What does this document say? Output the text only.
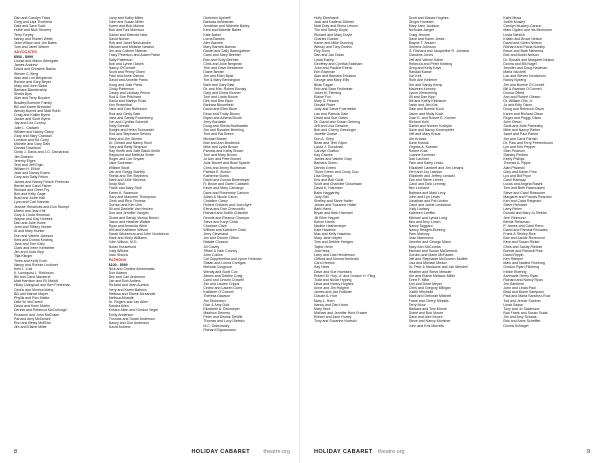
Dan and Carolyn Thies
Greg and Lisa Thorbeck
Dale and Sara Todd
Hollie and Nick Tennery
Terry Torpey
Nancy and Robert White
Jean Wilson and Jim Bates
Tom and Janet Wisner
ADVOCATES
$500 - $999
Louise and Marco Albergate
James Andrew
David and Christine Banks
Steven C. Berg
Alan and Lori Bergstrom
Bonnie and Gary Beyer
Mary and John Birkel
Barbara Blankenship
Sheila Byrs
Alan and Terry Boyden
Bradley/Sommer Family
Bill and Karen Brewster
Wendy Burrell and Matt Robb
Craig and Kaitlin Byrne
Janice and Scott Byrne
Jay and Lee Conroy
Julie L. Cadwell
William and Nancy Carey
Gary and Mary Crandall
Lorraine and Ed Curry
Michele and Gary Dahl
Donald Davidson
Cindy J. Davis and J.D. Dardarlock
Jim Dickson
Jeremy Elges
Terri and Jeff Elgin
William H. Elliott
Jack and Nancy Evans
Gary and Sally Felton
James and Nancy Fetsch Freeman
Bernie and Carol Fisher
Richard and Greer Fry
Bob and Kelly Gage
Brad and Jodie Hall
Lynn and Carl Hanmer
Jeanne Hendricks and Don Stumpf
Martin and Jean Hill
Gary & Linda Hinsman
Wayne and Gay Hobbes
Dan and Julie Howe
John and Tiffany Hunter
Al and Mary Hunter
Don and Valerie Jackson
Kent and Donna Keating
Jane and Tom Kelly
Clark and Irene Kerstetter
Jim and Linda Kipp
Tilja Klinger
Thies and Kelly Koch
Nancy and Ronnie Lockhart
Kelli L. Lutz
K. Lundquist L. Robinson
Bill and Carol Mackerel
Matt Harrison and Eli Malott
Hilary Livingood and Ben Freshman
Cedric and Monica Mahy
Bill and Marcel Mayer
Phyllis and Ron Mattie
Dale W. McCarrell
David and Kemi Martin
Dennis and Rebecca McCullough
Roxanne and John McCrane
Pat and Amy McDowell
Ron and Betsy McElliot
Jim and Elaine Miller
Larry and Kathy Miller
John and Susan Miller
Karen and Bob Molnar
Bob and Toni Morrison
Daniel and Melinda Neal
David Norton
Rob and Janet Neuhausen
Michael and Melanie Newton
Jim and Colleen Nieman
Tracy Peterson and Adam Pabst
Sally Patterson
Bob and Lynne Oakes
Nancy O'Connell
Scott and Penny Olsen
Paul and Anne Ostrow
David and Annette Parks
Doug and Julie Parks
Cindy Patterson
Casey and Lindsay Prince
Rod & Sue Pritchard
David and Marilyn Rose
Ken Rosenthal
Jane and Dan Ruthaven
Rod and Cindy Sale
Jane and Sandy Rosenberg
Jon and Cynthia Schmidt
Sally Schmitt
Dwight and Helen Schroeder
Rod and Stephanie Severs
Mary and Jim Sheets
Dr. Gerald and Nancy Shull
Gary and Betty Simpson
Ray Smith and Julie Black-Smith
Raymond and Melinda Smith
Roger and Lori Snyder
Jane Sorensen
William Stodt
Jan and Gregg Stanley
Sheila and Tim Stephens
Mark and Julie Stevens
Andy Stull
Frank and Mary Stull
Karen A. Swanson
Gary and Maureen Thompson
Chris and Rich Thomas
Gordon and Kim Ulm
Jill and Danielle Van Heulen
Don and Jennifer Vaughn
Gloria and Sandy Vezina Busch
Jason and Heather Walker
Ryan and Amanda West
Will and Kathleen Wilson
Sarah Wickstrom and John Nordstrom
Mark and Molly Williams
John Wilson, M.D.
Nolan Household
Judy Wilkins
Jack Shulva
PATRONS
$100 - $599
Nick and Cristine Abramowitz
Don Adams
Bev and Carl Anderson
Jan and Bob Anders
Richard and Jean Aumick
Jerry and Karen Bahrick
Melissa and Shane Alexander
Melissa Alhardit
Dr. Rogers and Jan Allen
Sandra Allen
Kristen Allen and Gordon Vegel
Emily Anderson
Thomas and Sarah Anderson
Nancy and Don Anderson
David Andrew
Gretchen Aycheff
Barbara Ashbacher
Jonathan and Michelle Bailey
Kent and Babette Baker
Kate Baker
Lorna Barnes
Alex Barnett
Mary Barnett-Baross
Daniel and Sally Baumgartner
Carol and Mary Beehler
Bob and Dolly Beehler
Chris and Julie Bergman
Terri and Dave Bessemer
Diane Bexter
Jim and Ellen Byse
Tim & Mary Bennington
Barb and Gary Blair
Dr. and Mrs. Robert Bonaly
Gary and Gloria Bonner
Tom and Linda Bloom
Deb and Dee Blum
Barbara Bloomfield
David and Ellen Blum
Dean and Trudy Bloom
Bryan and Athena Booth
Jerry Bordaski
Doug and Sheila Braithwaite
Jim and Rosalee Breeling
Tom and Pat Breen
Michael Brister
Bob and Ann Broderick
Mike and Lydia Brown
Pamela and Kathy Brown
Tom and Mary Brown
Jo Ann and Pete Brunet
Julie Brunet and Brad Spaeth
Chris and Jenny Buchanan
Patricia E. Bunch
Katherine Burns
David and Donna Bultemeyer
R. Bruce and Gwen Caldwell
Kevin and Mary Camargo
Dave and Rosemary Carlson
Adam & Nicole Caron
Christine Carey
Robert Childers and Joan Ayre
Elena and Dan Chenowith
Richard and Judith Chandler
Dennis and Eleanor Champa
Steve and Karyl Chick
Charisse Clark
William and Kathleen Clark
Jerry Cleveland
Jim and Connie Clifton
Natalie Closson
Jill Clavey
Tiffani & Nick Cooney
John Collins
Cal Cuppibrethia and Lynne Hohman
Susan and Lonna Corrigan
Melinda Cosgrove
Wendy and Scott Cox
James and Debbie Craig
Carol and Lincoln Crowell
Joe and Lauren Cripps
Cedric and Lauren Curry
Kathleen O'Connell
Theresa Dawson
Jim Dickerson
Dick & Amy Dick
Elizabeth A. Dickmeyer
Madison Denney
Peter and Denise DeWitt
Thomas and Lucy Dietrich
M.C. Dobrowsky
Richard Diguanmaro
8	HOLIDAY CABARET theatre.org
Holly Eberhardt
Jack and Darlene Dittmer
Matt Doty and Elena Lemon
Tim and Sandy Doyle
Richard and Mary Doyle
Charles Dueker
Karen and Mike Dunning
Wendy and Tony Durbin
Floy Dunn
Dan and Jan Dwan
Linda Earley
Geoffrey and Cynthia Eastham
John and Pauline Ebeck
Erin Eiseman
Alan and Barbara Erickson
George and Mary Ellis
Brian Fagan
Rob and Sara Feldmeier
Janet M. Fleming
Elaine Fox
Mary S. Fessee
Donald Fister
Judy and Steve Fuermeller
Lan and Patricia Gale
David and Sue Gates
Dr. David and Susan Gehring
Jeff and Lisa Gessner
Bob and Cherry Gessinger
Janette Goeke
Don A. Giltry
Brian and Terri Glynn
Laura J. Goodman
Carolyn Grafton
Kay Graves
James and Valerie Gray
Barbara Green
Dennis Green
Thom Green and Cindy Guo
Lisa Gregor
Kris and Bob Gulik
Scott and Charlotte Guschwan
David K. Haemker
Babs Haggarthy
Judy Hall
Shelley and Steve Haller
James and Suzanne Haller
Barb Hand
Bryan and Beth Hannahl
Jill Ellen Happel
Kimon Harris
Nadine Hashemeyer
Kate Hawkins
Max and Kelly Hawkins
Mary Jane Hayter
Tom and Debbie Hedges
Taylor Helm
Judi Hess
Larry and Lisa Henderson
Clifford and Norma Hentrokk
Carol Herrick
Kay Hess
Dave and Sue Hoekstra
Robert M. Hoy, Jr. and Gordon H. Fling
Todd and Nicole Hyping
Dave and Nancy Hughes
Anne and Jim Hylgren
James and Jan Hollister
Claude A. Hurt
Mary L. Horn
Nancy and Dan Hurst
Mary Hunt
Michael and Jennifer Hunt-Frazier
Robert and Jane Hurley
Tony and Suzanne Hurtsch
Scott and Marcia Hughes
Ginger Hunsted
Mary Jane Jackson
Nicholas Jaeger
Craig Jerome
Dave and Karen Jesse
Blayne T. Jessen
Gemma Johnson
G. Richard and Jacqueline R. Johnson
Claudine Jones
Jeff and Valerie Kaber
Rebecca and Peter Keating
Greg and Kelly Kays
Randall Kaiser
Jon Kell
Ruth Ann Kelleher
Jim and Sandy Kemp
Maureen Kenney
Lynne Kimmerling
Jill and Dan Kipp
Bill and Kathy Kirkbaum
Janie and Jim Kirk
Dale and Bonnie Koch
Jason and Molly Koch
Joan E. and Robert E. Kocher
Richard Kohl
Daniel and Noreen Koldyke
Dave and Nancy Kosenpeter
Jeff and Mary Kraus
Jim Krause
Dave Kubiak
Virginia A. Kuester
Robert Kula
Luanne Kummer
Dan Lachner
Pam and Kathy Lesko
Elizabeth Lambert and Jim Lehans
Terri and Joy Lawson
Elizabeth and Jeffrey Lerdahl
Zan and Steve Lehrer
Carol and Dick Lemmig
Bev Leonard
Barbara and Mark Levy
John and Lyn Lewis
Jonathan and Pat Linden
Carol and Jamie Lindstrom
Judy Lindsey
Kathleen Loeffler
Michael and Lynda Long
Ben and Amy Lunch
Nancy Taggard
Nancy Hedges-Buhring
Pam Mahony
Jean Mammera
Jennifer and George Mann
Mary Ann McCombs
Michael and Susan McDermott
Gordon and Marie McFawke
Jeff and Stephanie McGovern-Moffett
Lisa and Michael Meaux
Dr. Pete & Marianne and Jan Mendell
Heather and Steve Messler
Jim and Elaine Mettaux-Miller
Evert F. Mike
Kim and Dean Meyer
Chris and Gregory Milligan
Judith Mirchelle
Mark and Deborah Mitchell
Frank and Cheryl Miralda
Terry Moor
Barbara and Tom Moore
Diane and Bob Moore
Dave and Alex Moore
Steve and Nancy Mortimer
John and Kris Murrells
Kathi Musa
Judith Musley
Carolyn Muskey-Carson
Mark Ogden and Iris Michonne
Linda Nehlich
Kristin and Bruce Nelson
David and Gwen Nelson
Richard and Paula Nordby
Bruce and Barb Nelsema
Bob and Bobbi Nelson
Dr. Ronald and Margaret Nelson
Donna and Bill Nagel
Jennifer and Doug Newman
Marla Nicoletti
Lon and Steven Nordstrom
Nancy Nyberg
Jim and Bonnie O'Connell
Bill & Barbara O'Connell
Donna Ofield
Ann and Robert Olesen
Dr. William Olin, Jr.
Jo and Kitty Olson
Doug and Rebecca Olson
Karen and Richard Olson
Roger and Peggy Olson
John Oxton
Scott and Julie Pamelsky
Mike and Nancy Parker
Janet and Paul Parker
Jim and Carol Parrish
Dr. Paul and Terry Peerenboom
Lyn and Erin Pepper
Stan Pearson
Stanley Perkins
Keely Phillips
Thomas A. Pippa
Alan Piwarski
Gary and Karen Prior
Lyn and Bill Pryor
Carol Ramsay
Lucas and Angela Rasek
Tom and Beth Rasmussen
Steve and Carol Reasoner
Margaret and Francis Reardon
Ken and Carla Reighard
Steve Reinhart
Larry Rehm
Donald and Mary Jo Reinke
Jerri Reimund
Bernie Reitsman
P. James and Carol Reno
David and Pamela Rhoades
Frank & Shirley Rice
Bob and Jackie Richmond
Kent and Susan Ricker
Chris and Sandy Rietzke
Bonnie and Randolf Rink
David Rippin
Ken Riterpel
Mark and Nadine Roeburg
Gordon Ryan-Flitzberg
Kelsie Roehrig
Annmarie Henry Ryan
Richard and Nancy Ryan
Jim Sanbirne
John and Linda Paul
Brad and Diane Sampson
Paul and Maria Sanchez-Ruiz
Tod and Jennie Santner
Linda Sasse
Tony and Jo Salamone
Bob Frank and Susan Scala
Jim and Amy Schade
Bob and Anne Scheffler
Donna Schlagel
HOLIDAY CABARET theatre.org	9
